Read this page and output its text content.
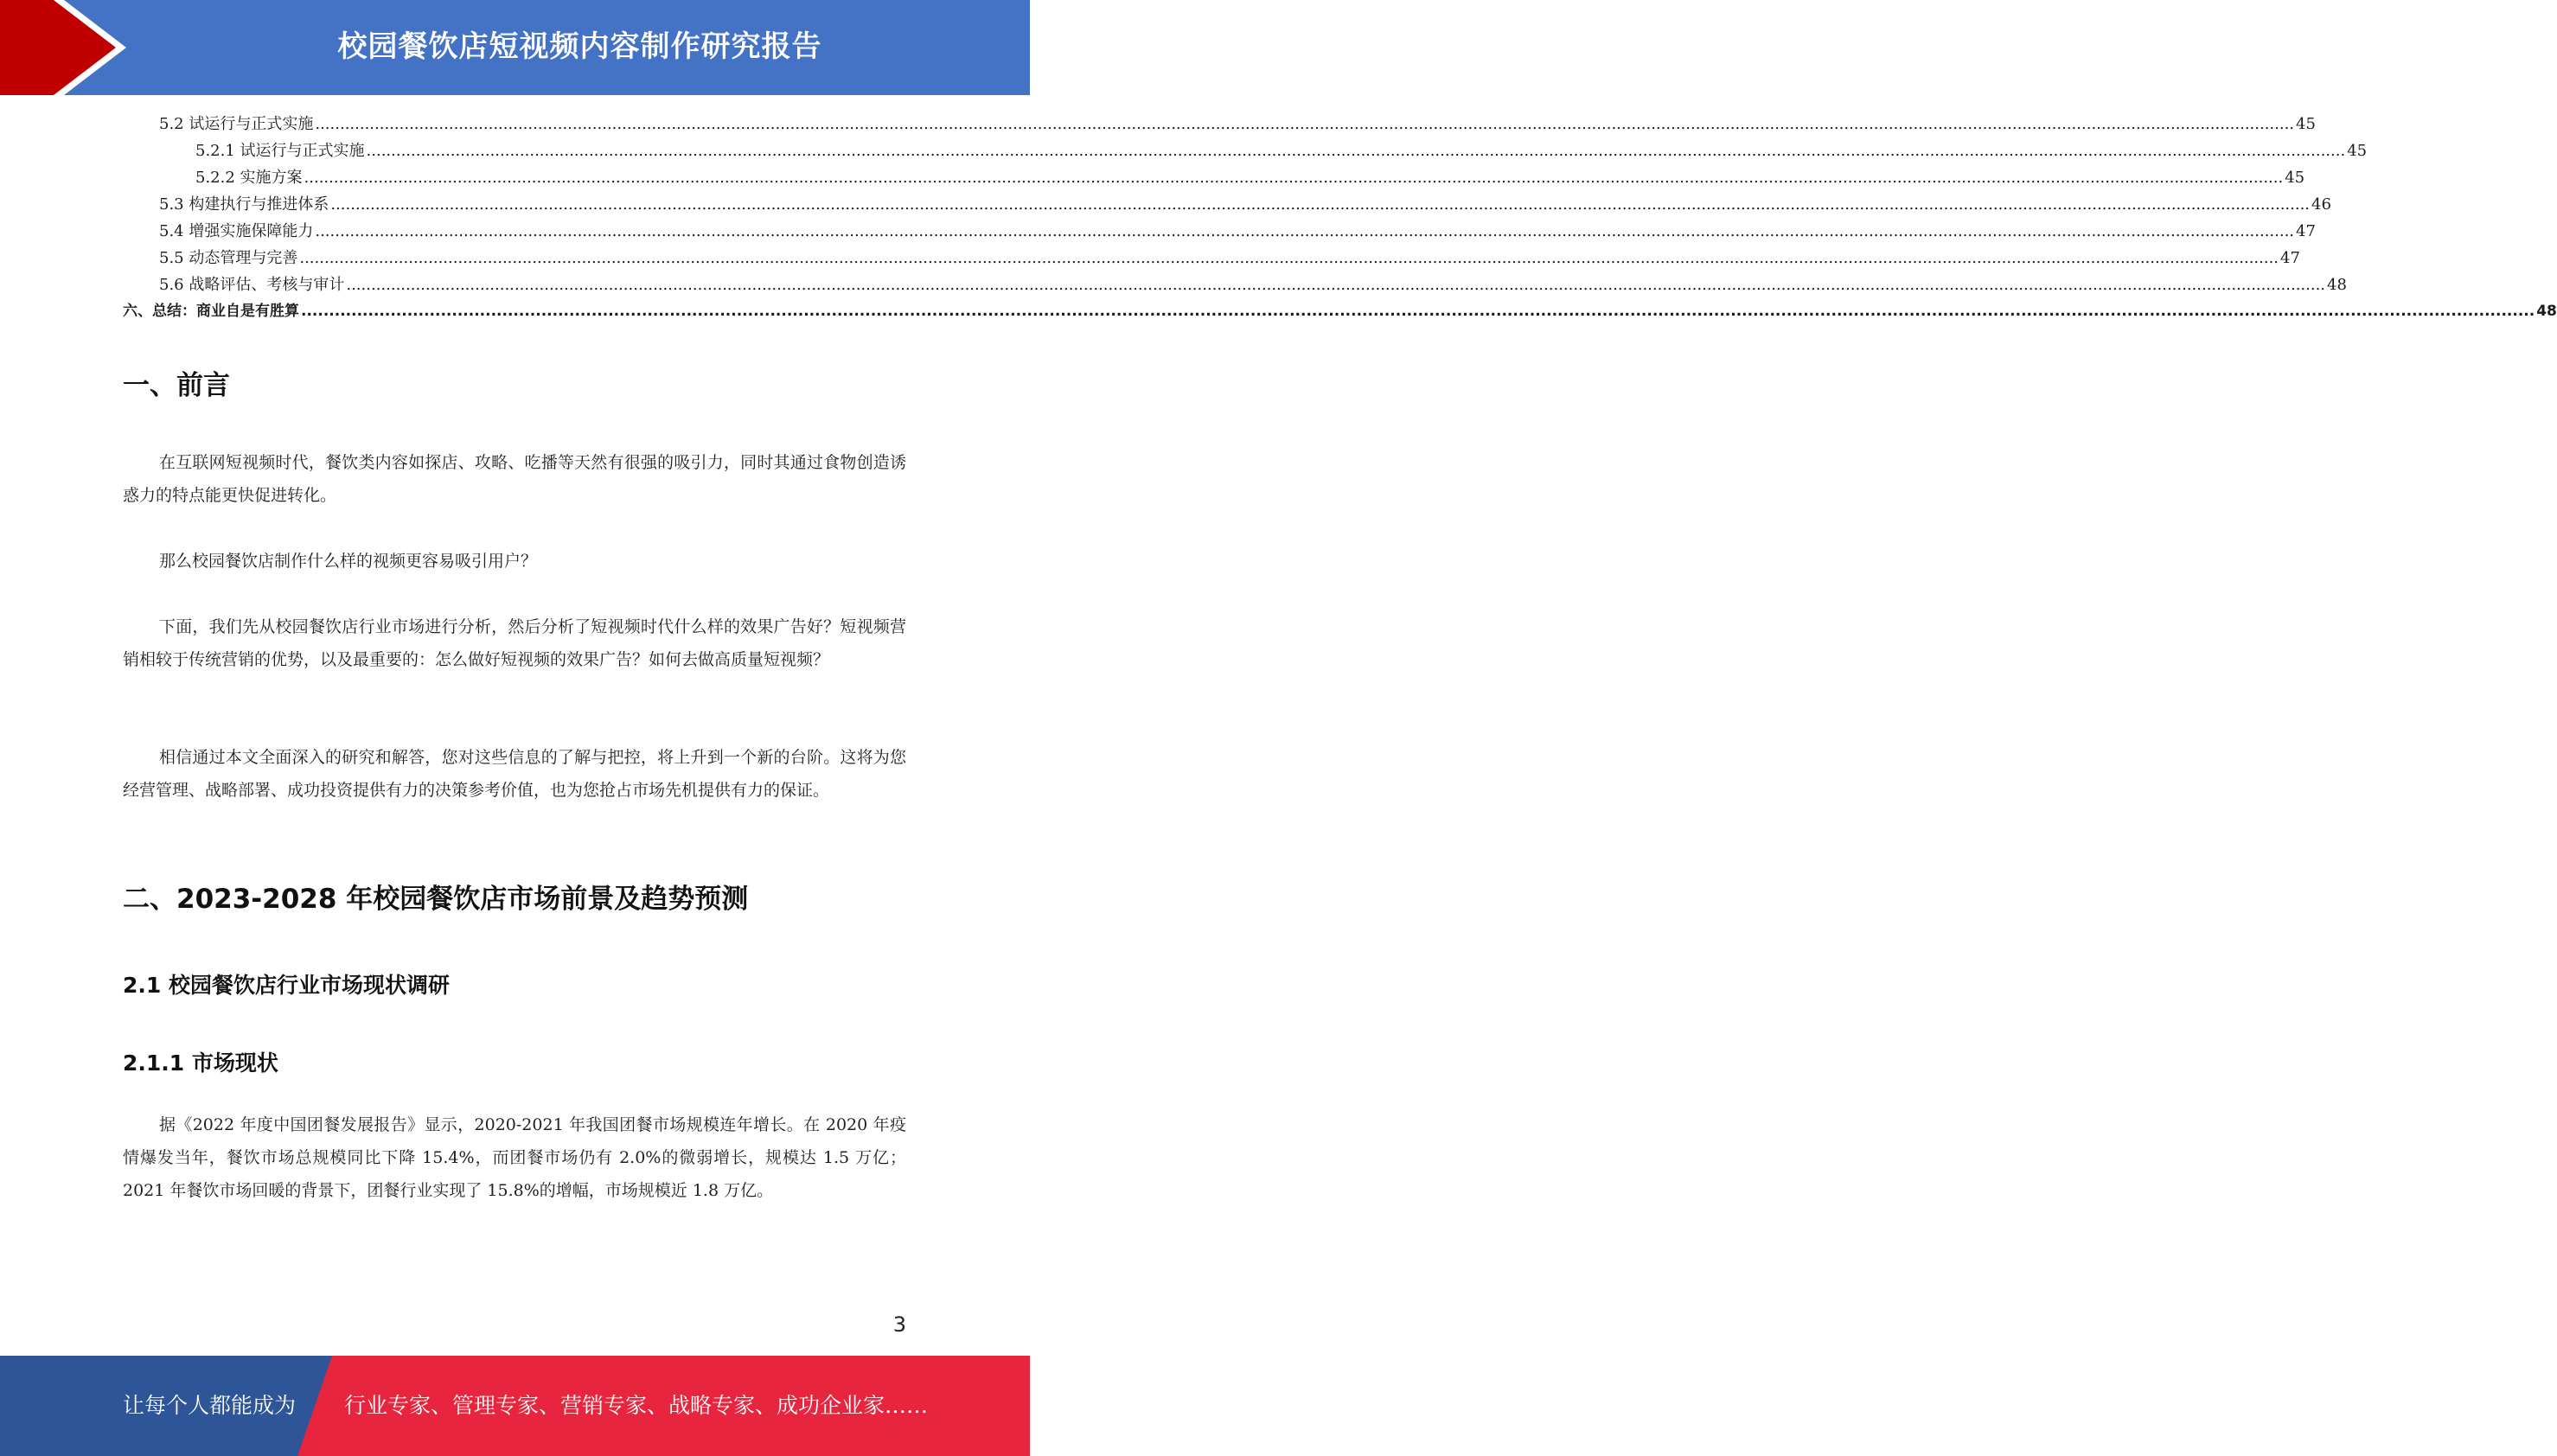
校园餐饮店短视频内容制作研究报告
5.2 试运行与正式实施 ................................................................................................................................................................................................................................................................................................................................................................................................................ 45
5.2.1 试运行与正式实施 ................................................................................................................................................................................................................................................................................................................................................................................................................ 45
5.2.2 实施方案 ................................................................................................................................................................................................................................................................................................................................................................................................................ 45
5.3 构建执行与推进体系 ................................................................................................................................................................................................................................................................................................................................................................................................................ 46
5.4 增强实施保障能力 ................................................................................................................................................................................................................................................................................................................................................................................................................ 47
5.5 动态管理与完善 ................................................................................................................................................................................................................................................................................................................................................................................................................ 47
5.6 战略评估、考核与审计 ................................................................................................................................................................................................................................................................................................................................................................................................................ 48
六、总结：商业自是有胜算 ................................................................................................................................................................................................................................................................................................................................................................................................................ 48
一、前言

在互联网短视频时代，餐饮类内容如探店、攻略、吃播等天然有很强的吸引力，同时其通过食物创造诱惑力的特点能更快促进转化。

那么校园餐饮店制作什么样的视频更容易吸引用户？

下面，我们先从校园餐饮店行业市场进行分析，然后分析了短视频时代什么样的效果广告好？短视频营销相较于传统营销的优势，以及最重要的：怎么做好短视频的效果广告？如何去做高质量短视频？

相信通过本文全面深入的研究和解答，您对这些信息的了解与把控，将上升到一个新的台阶。这将为您经营管理、战略部署、成功投资提供有力的决策参考价值，也为您抢占市场先机提供有力的保证。

二、2023-2028 年校园餐饮店市场前景及趋势预测
2.1 校园餐饮店行业市场现状调研
2.1.1 市场现状

据《2022 年度中国团餐发展报告》显示，2020-2021 年我国团餐市场规模连年增长。在 2020 年疫情爆发当年，餐饮市场总规模同比下降 15.4%，而团餐市场仍有 2.0%的微弱增长，规模达 1.5 万亿；2021 年餐饮市场回暖的背景下，团餐行业实现了 15.8%的增幅，市场规模近 1.8 万亿。

3
让每个人都能成为 行业专家、管理专家、营销专家、战略专家、成功企业家……
